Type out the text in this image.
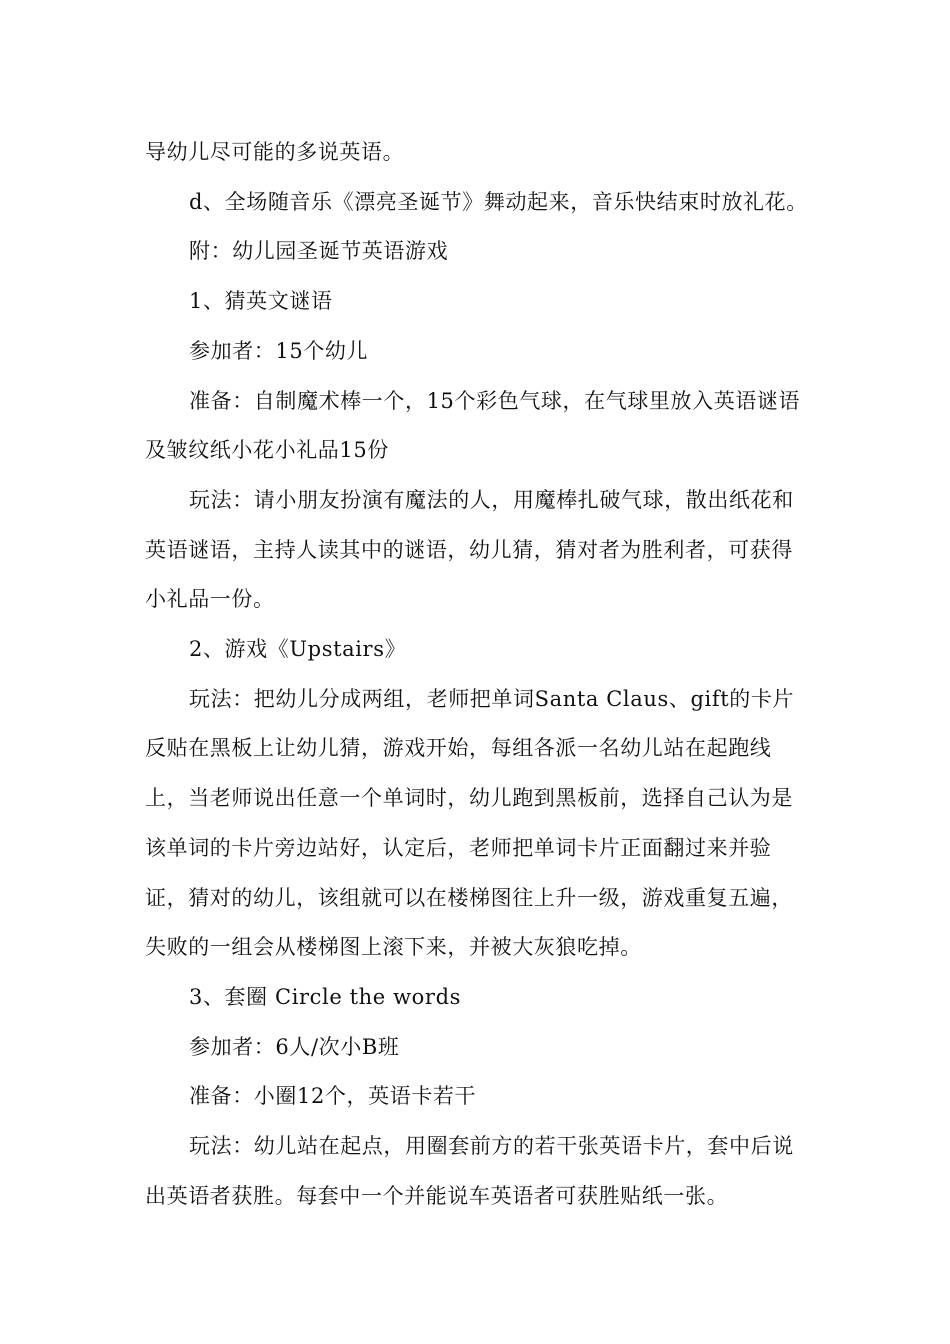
导幼儿尽可能的多说英语。

d、全场随音乐《漂亮圣诞节》舞动起来，音乐快结束时放礼花。

附：幼儿园圣诞节英语游戏

1、猜英文谜语

参加者：15个幼儿

准备：自制魔术棒一个，15个彩色气球，在气球里放入英语谜语及皱纹纸小花小礼品15份

玩法：请小朋友扮演有魔法的人，用魔棒扎破气球，散出纸花和英语谜语，主持人读其中的谜语，幼儿猜，猜对者为胜利者，可获得小礼品一份。

2、游戏《Upstairs》

玩法：把幼儿分成两组，老师把单词Santa Claus、gift的卡片反贴在黑板上让幼儿猜，游戏开始，每组各派一名幼儿站在起跑线上，当老师说出任意一个单词时，幼儿跑到黑板前，选择自己认为是该单词的卡片旁边站好，认定后，老师把单词卡片正面翻过来并验证，猜对的幼儿，该组就可以在楼梯图往上升一级，游戏重复五遍，失败的一组会从楼梯图上滚下来，并被大灰狼吃掉。

3、套圈 Circle the words

参加者：6人/次小B班

准备：小圈12个，英语卡若干

玩法：幼儿站在起点，用圈套前方的若干张英语卡片，套中后说出英语者获胜。每套中一个并能说车英语者可获胜贴纸一张。
